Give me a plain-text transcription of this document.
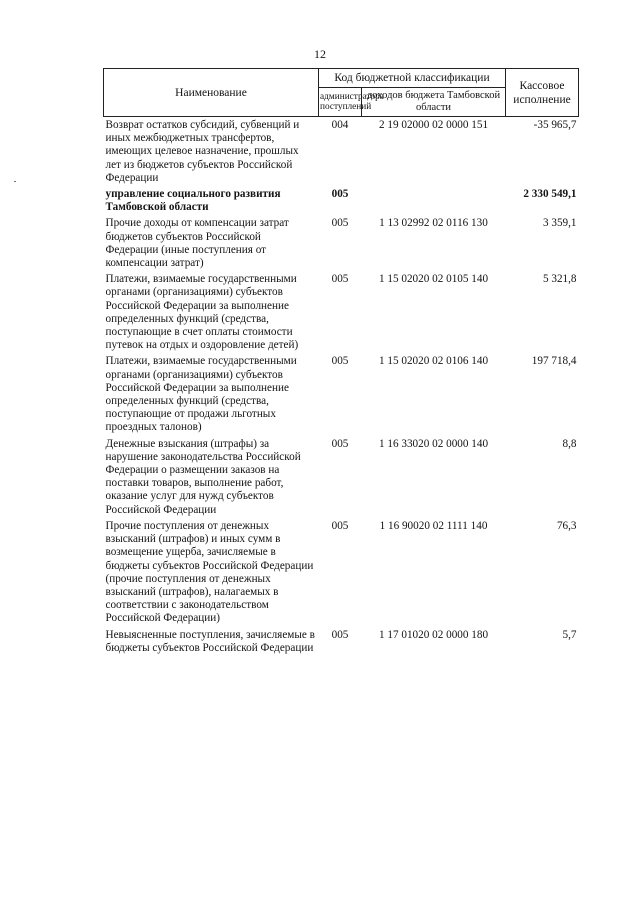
12
Наименование	Код бюджетной классификации		Кассовое исполнение
	администратора поступлений	доходов бюджета Тамбовской области	
Возврат остатков субсидий, субвенций и иных межбюджетных трансфертов, имеющих целевое назначение, прошлых лет из бюджетов субъектов Российской Федерации	004	2 19 02000 02 0000 151	-35 965,7
управление социального развития Тамбовской области	005		2 330 549,1
Прочие доходы от компенсации затрат бюджетов субъектов Российской Федерации (иные поступления от компенсации затрат)	005	1 13 02992 02 0116 130	3 359,1
Платежи, взимаемые государственными органами (организациями) субъектов Российской Федерации за выполнение определенных функций (средства, поступающие в счет оплаты стоимости путевок на отдых и оздоровление детей)	005	1 15 02020 02 0105 140	5 321,8
Платежи, взимаемые государственными органами (организациями) субъектов Российской Федерации за выполнение определенных функций (средства, поступающие от продажи льготных проездных талонов)	005	1 15 02020 02 0106 140	197 718,4
Денежные взыскания (штрафы) за нарушение законодательства Российской Федерации о размещении заказов на поставки товаров, выполнение работ, оказание услуг для нужд субъектов Российской Федерации	005	1 16 33020 02 0000 140	8,8
Прочие поступления от денежных взысканий (штрафов) и иных сумм в возмещение ущерба, зачисляемые в бюджеты субъектов Российской Федерации (прочие поступления от денежных взысканий (штрафов), налагаемых в соответствии с законодательством Российской Федерации)	005	1 16 90020 02 1111 140	76,3
Невыясненные поступления, зачисляемые в бюджеты субъектов Российской Федерации	005	1 17 01020 02 0000 180	5,7
